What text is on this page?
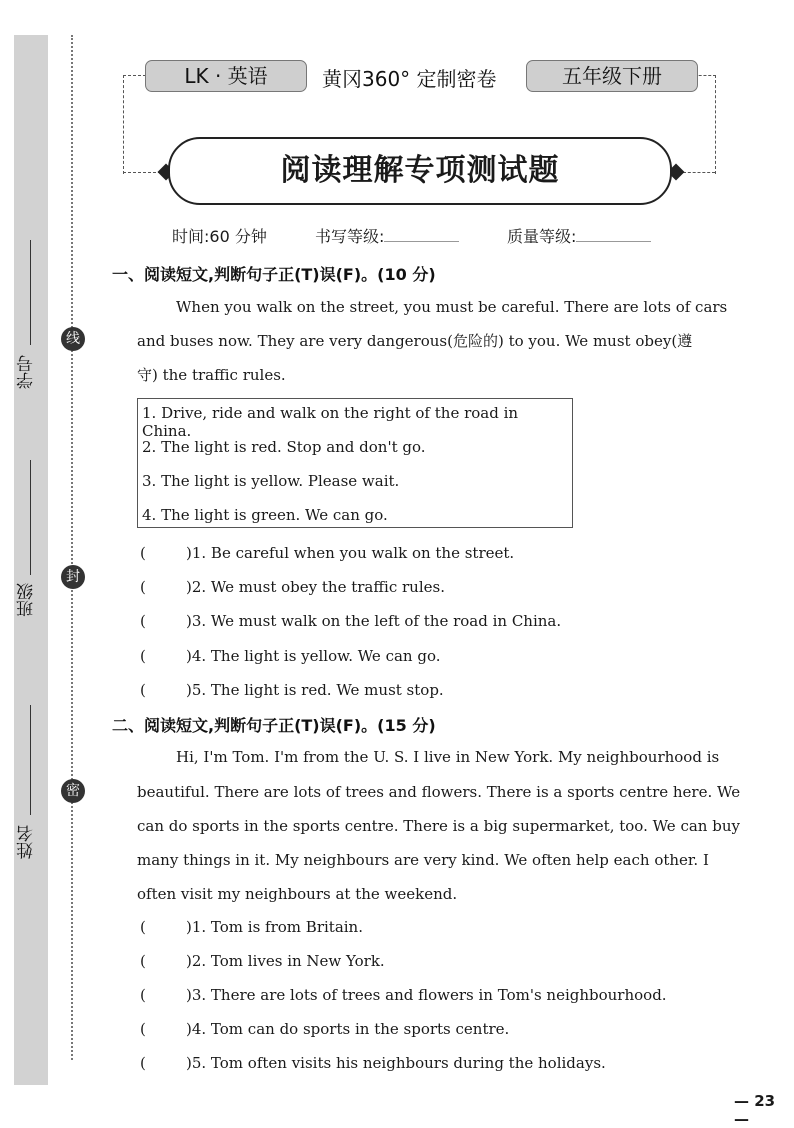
学号
班级
姓名
线
封
密
LK · 英语	黄冈360° 定制密卷	五年级下册
阅读理解专项测试题
时间:60 分钟	书写等级:	质量等级:
一、阅读短文,判断句子正(T)误(F)。(10 分)
When you walk on the street, you must be careful. There are lots of cars
and buses now. They are very dangerous(危险的) to you. We must obey(遵
守) the traffic rules.
1. Drive, ride and walk on the right of the road in China.
2. The light is red. Stop and don't go.
3. The light is yellow. Please wait.
4. The light is green. We can go.
(	)1. Be careful when you walk on the street.
(	)2. We must obey the traffic rules.
(	)3. We must walk on the left of the road in China.
(	)4. The light is yellow. We can go.
(	)5. The light is red. We must stop.
二、阅读短文,判断句子正(T)误(F)。(15 分)
Hi, I'm Tom. I'm from the U. S. I live in New York. My neighbourhood is
beautiful. There are lots of trees and flowers. There is a sports centre here. We
can do sports in the sports centre. There is a big supermarket, too. We can buy
many things in it. My neighbours are very kind. We often help each other. I
often visit my neighbours at the weekend.
(	)1. Tom is from Britain.
(	)2. Tom lives in New York.
(	)3. There are lots of trees and flowers in Tom's neighbourhood.
(	)4. Tom can do sports in the sports centre.
(	)5. Tom often visits his neighbours during the holidays.
— 23 —
